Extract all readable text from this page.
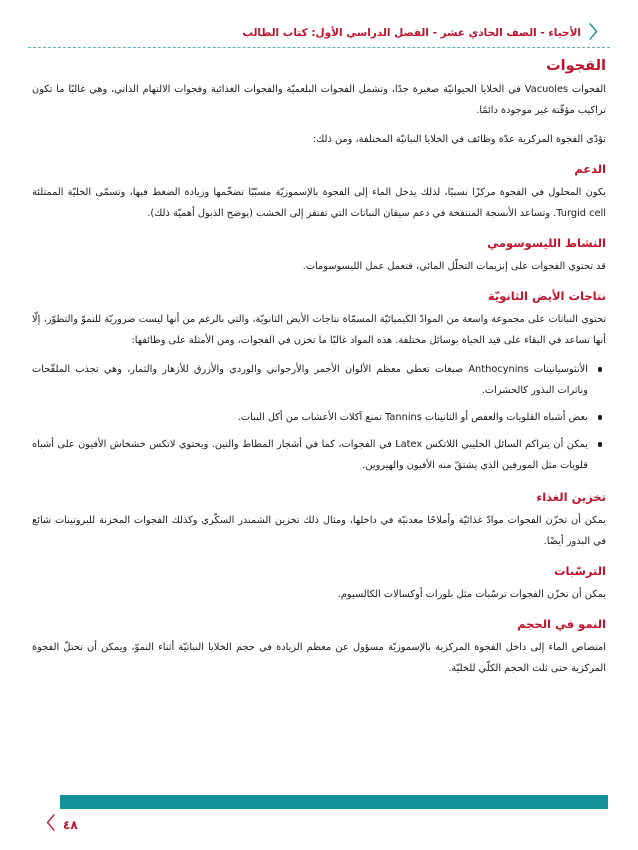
〈
الأحياء - الصف الحادي عشر - الفصل الدراسي الأول: كتاب الطالب
الفجوات

الفجوات Vacuoles في الخلايا الحيوانيّة صغيرة جدًا، وتشمل الفجوات البلعميّة والفجوات الغذائية وفجوات الالتهام الذاتي، وهي غالبًا ما تكون تراكيب مؤقّتة غير موجودة دائمًا.

تؤدّي الفجوة المركزية عدّة وظائف في الخلايا النباتيّة المختلفة، ومن ذلك:

الدعم

يكون المحلول في الفجوة مركزًا نسبيًا، لذلك يدخل الماء إلى الفجوة بالإسموزيّة مسبّبًا تضخّمها وزيادة الضغط فيها، وتسمّى الخليّة الممتلئة Turgid cell. وتساعد الأنسجة المنتفخة في دعم سيقان النباتات التي تفتقر إلى الخشب (يوضح الذبول أهميّة ذلك).

النشاط الليسوسومي

قد تحتوي الفجوات على إنزيمات التحلّل المائي، فتعمل عمل الليسوسومات.

نتاجات الأيض الثانويّة

تحتوي النباتات على مجموعة واسعة من الموادّ الكيميائيّة المسمّاة نتاجات الأيض الثانويّة، والتي بالرغم من أنها ليست ضروريّة للنموّ والتطوّر، إلّا أنها تساعد في البقاء على قيد الحياة بوسائل مختلفة. هذه المواد غالبًا ما تخزن في الفجوات، ومن الأمثلة على وظائفها:

الأنثوسيانينات Anthocynins صبغات تعطي معظم الألوان الأحمر والأرجواني والوردي والأزرق للأزهار والثمار، وهي تجذب الملقّحات وناثرات البذور كالحشرات.
بعض أشباه القلويات والعفص أو التانينات Tannins تمنع آكلات الأعشاب من أكل النبات.
يمكن أن يتراكم السائل الحليبي اللاتكس Latex في الفجوات، كما في أشجار المطاط والتين. ويحتوي لاتكس خشخاش الأفيون على أشباه قلويات مثل المورفين الذي يشتقّ منه الأفيون والهيروين.
تخزين الغذاء

يمكن أن تخزّن الفجوات موادّ غذائيّة وأملاحًا معدنيّة في داخلها، ومثال ذلك تخزين الشمندر السكّري وكذلك الفجوات المخزنة للبروتينات شائع في البذور أيضًا.

الترسّبات

يمكن أن تخزّن الفجوات ترسّبات مثل بلورات أوكسالات الكالسيوم.

النمو في الحجم

امتصاص الماء إلى داخل الفجوة المركزية بالإسموزيّة مسؤول عن معظم الزيادة في حجم الخلايا النباتيّة أثناء النموّ، ويمكن أن تحتلّ الفجوة المركزية حتى ثلث الحجم الكلّي للخليّة.

〈 ٤٨
